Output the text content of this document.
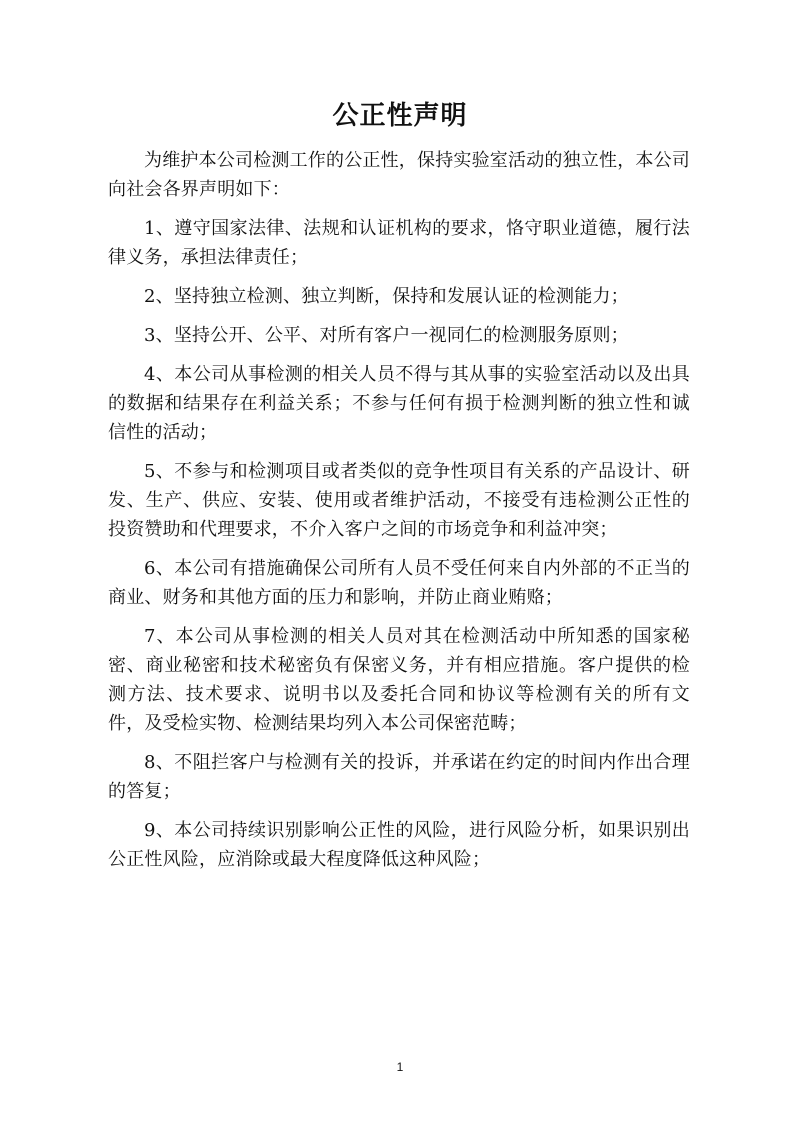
公正性声明

为维护本公司检测工作的公正性，保持实验室活动的独立性，本公司向社会各界声明如下：

1、遵守国家法律、法规和认证机构的要求，恪守职业道德，履行法律义务，承担法律责任；

2、坚持独立检测、独立判断，保持和发展认证的检测能力；

3、坚持公开、公平、对所有客户一视同仁的检测服务原则；

4、本公司从事检测的相关人员不得与其从事的实验室活动以及出具的数据和结果存在利益关系；不参与任何有损于检测判断的独立性和诚信性的活动；

5、不参与和检测项目或者类似的竞争性项目有关系的产品设计、研发、生产、供应、安装、使用或者维护活动，不接受有违检测公正性的投资赞助和代理要求，不介入客户之间的市场竞争和利益冲突；

6、本公司有措施确保公司所有人员不受任何来自内外部的不正当的商业、财务和其他方面的压力和影响，并防止商业贿赂；

7、本公司从事检测的相关人员对其在检测活动中所知悉的国家秘密、商业秘密和技术秘密负有保密义务，并有相应措施。客户提供的检测方法、技术要求、说明书以及委托合同和协议等检测有关的所有文件，及受检实物、检测结果均列入本公司保密范畴；

8、不阻拦客户与检测有关的投诉，并承诺在约定的时间内作出合理的答复；

9、本公司持续识别影响公正性的风险，进行风险分析，如果识别出公正性风险，应消除或最大程度降低这种风险；

1
